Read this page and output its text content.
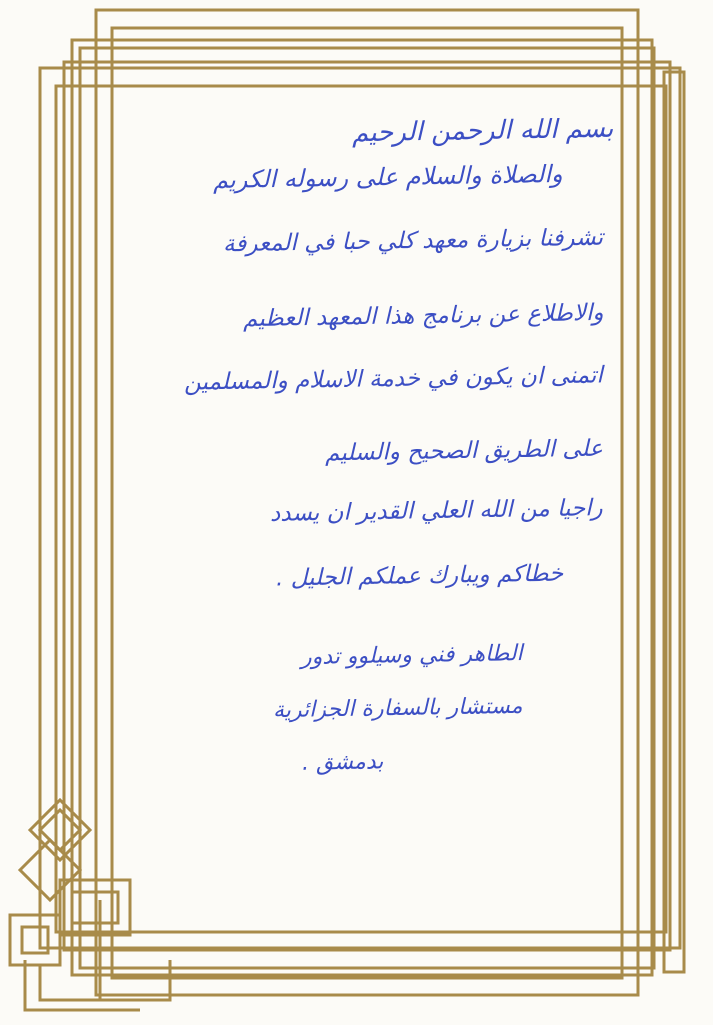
بسم الله الرحمن الرحيم
والصلاة والسلام على رسوله الكريم
تشرفنا بزيارة معهد كلي حبا في المعرفة
والاطلاع عن برنامج هذا المعهد العظيم
اتمنى ان يكون في خدمة الاسلام والمسلمين
على الطريق الصحيح والسليم
راجيا من الله العلي القدير ان يسدد
خطاكم ويبارك عملكم الجليل .
الطاهر فني وسيلوو تدور
مستشار بالسفارة الجزائرية
بدمشق .
